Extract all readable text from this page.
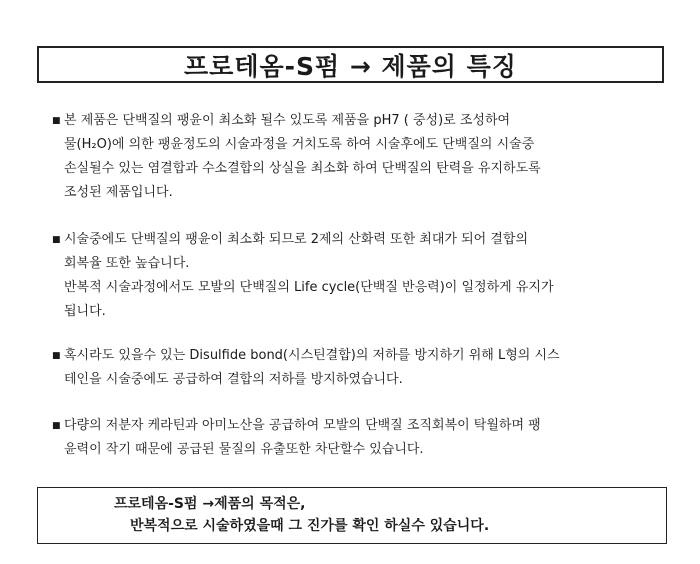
프로테옴-S펌 → 제품의 특징
■ 본 제품은 단백질의 팽윤이 최소화 될수 있도록 제품을 pH7 ( 중성)로 조성하여
물(H₂O)에 의한 팽윤정도의 시술과정을 거치도록 하여 시술후에도 단백질의 시술중
손실될수 있는 염결합과 수소결합의 상실을 최소화 하여 단백질의 탄력을 유지하도록
조성된 제품입니다.
■ 시술중에도 단백질의 팽윤이 최소화 되므로 2제의 산화력 또한 최대가 되어 결합의
회복율 또한 높습니다.
반복적 시술과정에서도 모발의 단백질의 Life cycle(단백질 반응력)이 일정하게 유지가
됩니다.
■ 혹시라도 있을수 있는 Disulfide bond(시스틴결합)의 저하를 방지하기 위해 L형의 시스
테인을 시술중에도 공급하여 결합의 저하를 방지하였습니다.
■ 다량의 저분자 케라틴과 아미노산을 공급하여 모발의 단백질 조직회복이 탁월하며 팽
윤력이 작기 때문에 공급된 물질의 유출또한 차단할수 있습니다.
프로테옴-S펌 →제품의 목적은,
반복적으로 시술하였을때 그 진가를 확인 하실수 있습니다.
